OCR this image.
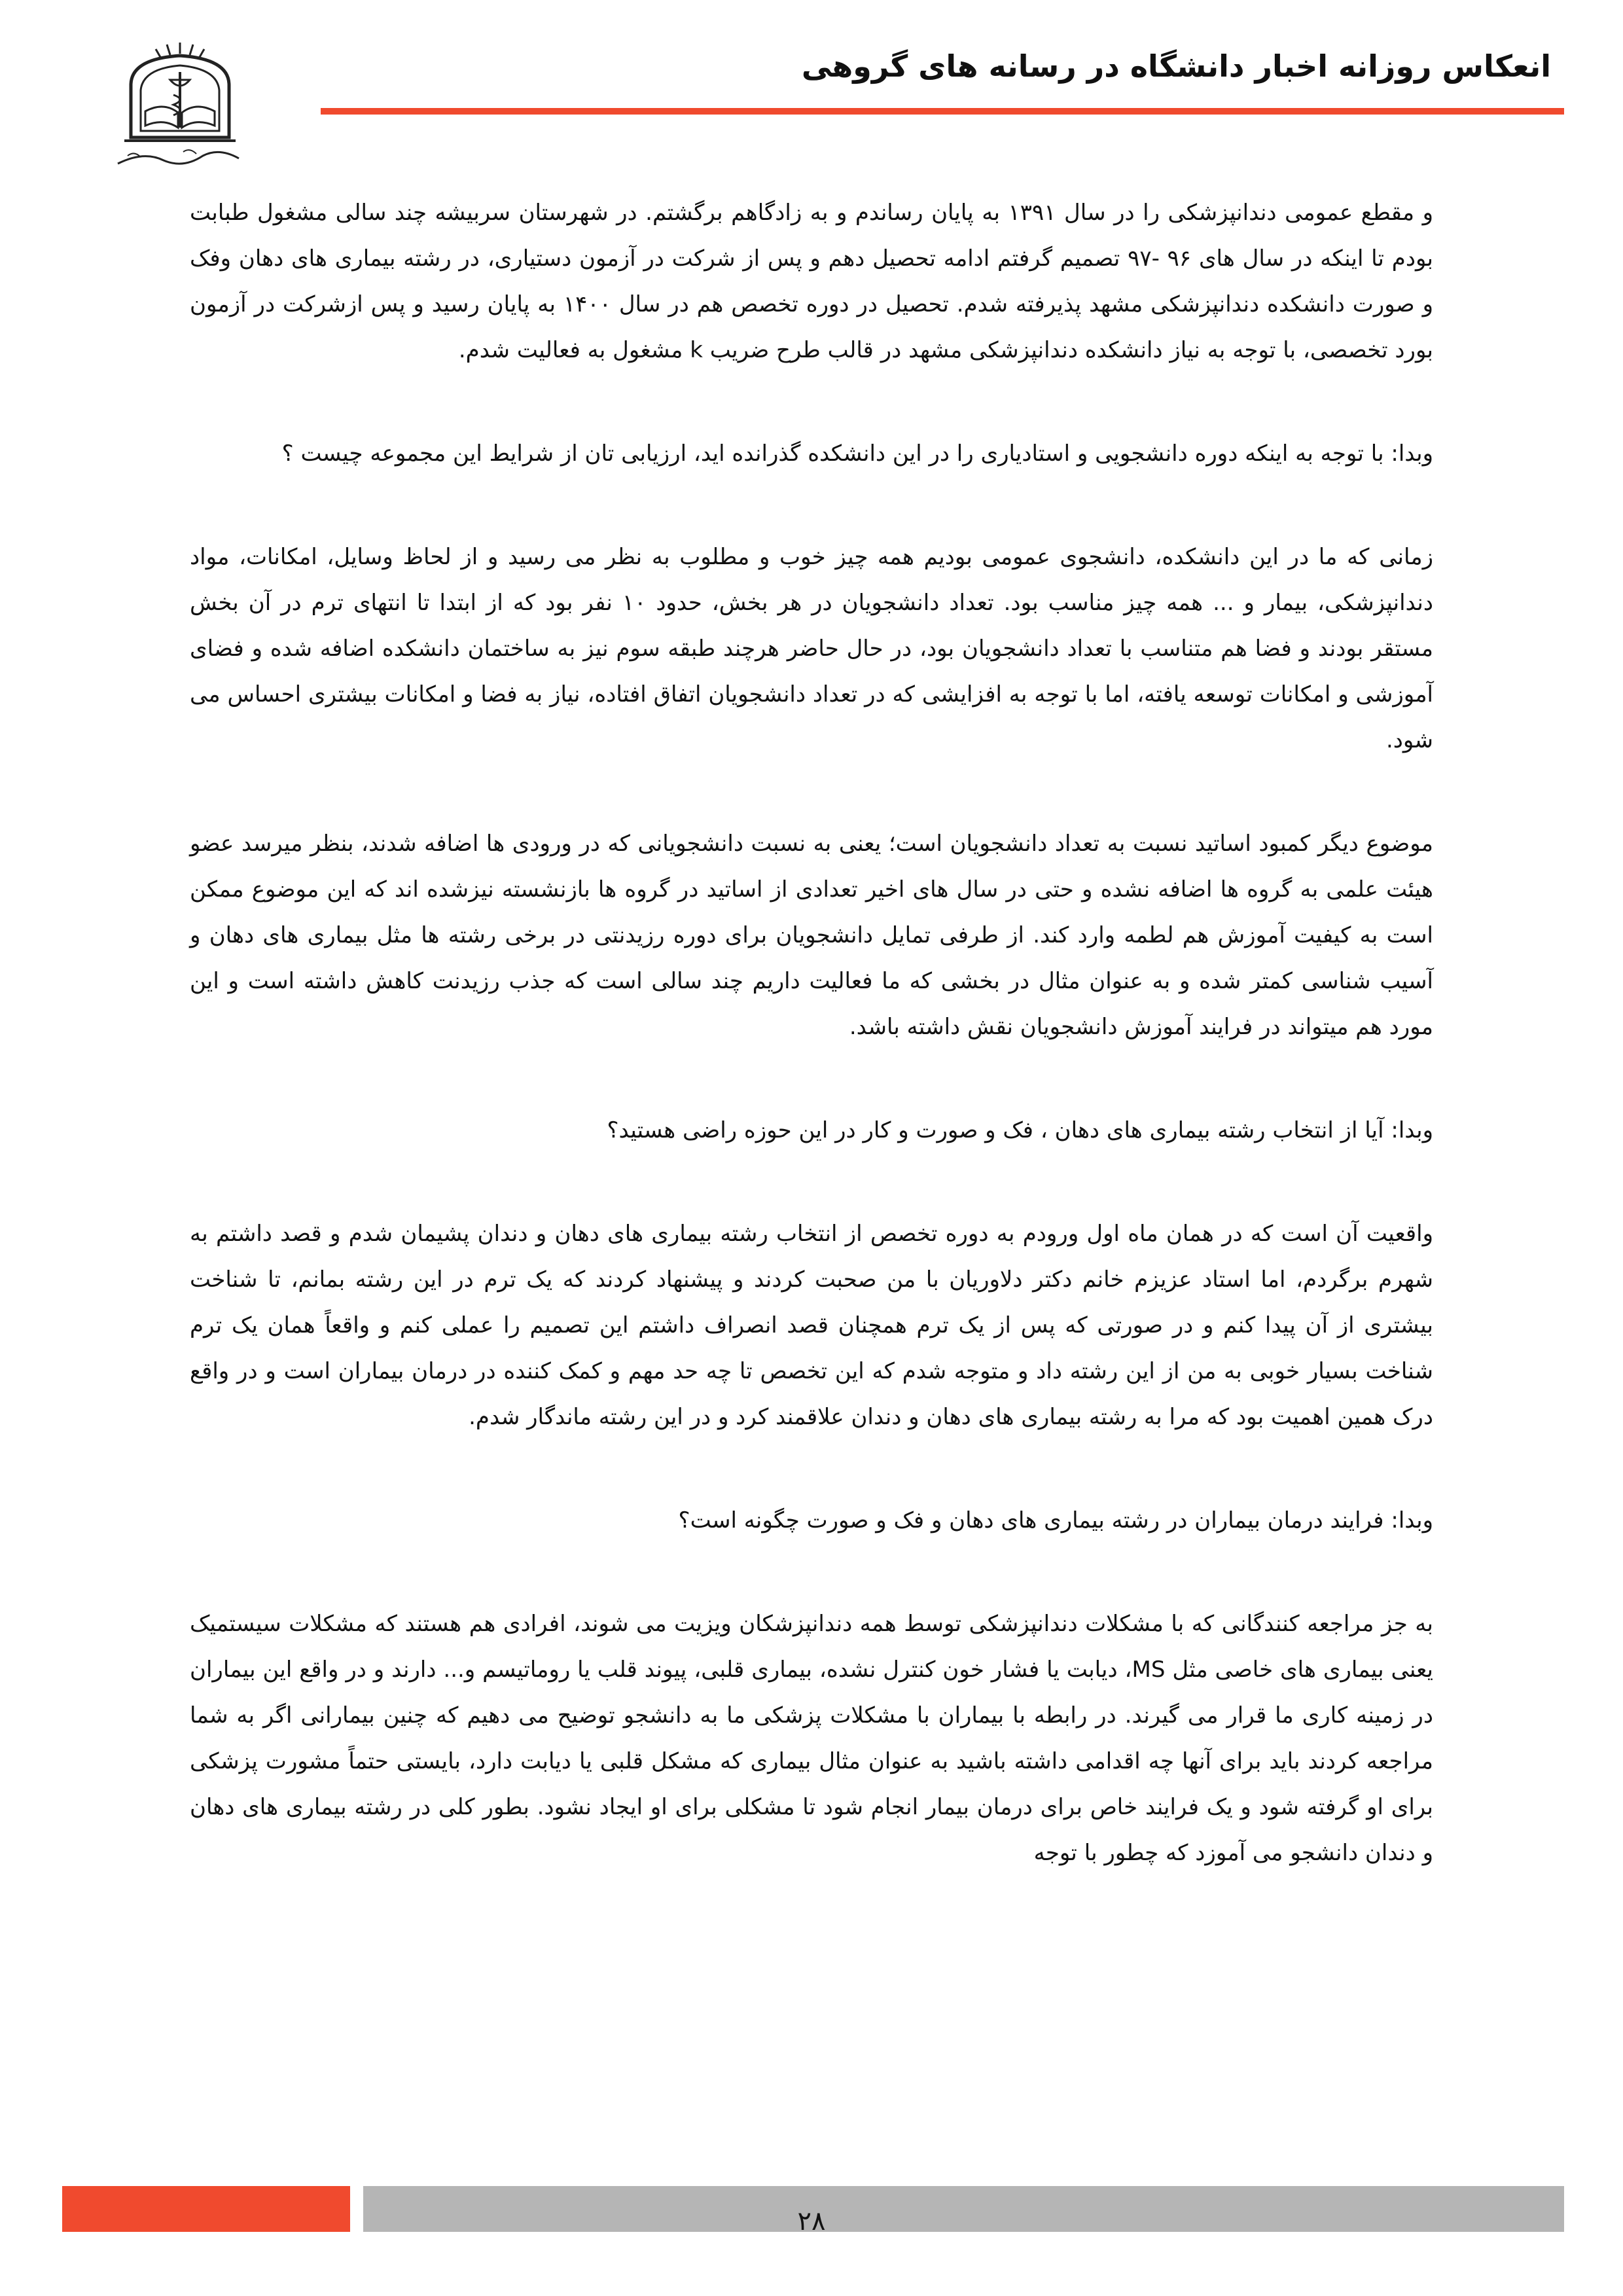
انعکاس روزانه اخبار دانشگاه در رسانه های گروهی

و مقطع عمومی دندانپزشکی را در سال ۱۳۹۱ به پایان رساندم و به زادگاهم برگشتم. در شهرستان سربیشه چند سالی مشغول طبابت بودم تا اینکه در سال های ۹۶ -۹۷ تصمیم گرفتم ادامه تحصیل دهم و پس از شرکت در آزمون دستیاری، در رشته بیماری های دهان وفک و صورت دانشکده دندانپزشکی مشهد پذیرفته شدم. تحصیل در دوره تخصص هم در سال ۱۴۰۰ به پایان رسید و پس ازشرکت در آزمون بورد تخصصی، با توجه به نیاز دانشکده دندانپزشکی مشهد در قالب طرح ضریب k مشغول به فعالیت شدم.

وبدا: با توجه به اینکه دوره دانشجویی و استادیاری را در این دانشکده گذرانده اید، ارزیابی تان از شرایط این مجموعه چیست ؟

زمانی که ما در این دانشکده، دانشجوی عمومی بودیم همه چیز خوب و مطلوب به نظر می رسید و از لحاظ وسایل، امکانات، مواد دندانپزشکی، بیمار و ... همه چیز مناسب بود. تعداد دانشجویان در هر بخش، حدود ۱۰ نفر بود که از ابتدا تا انتهای ترم در آن بخش مستقر بودند و فضا هم متناسب با تعداد دانشجویان بود، در حال حاضر هرچند طبقه سوم نیز به ساختمان دانشکده اضافه شده و فضای آموزشی و امکانات توسعه یافته، اما با توجه به افزایشی که در تعداد دانشجویان اتفاق افتاده، نیاز به فضا و امکانات بیشتری احساس می شود.

موضوع دیگر کمبود اساتید نسبت به تعداد دانشجویان است؛ یعنی به نسبت دانشجویانی که در ورودی ها اضافه شدند، بنظر میرسد عضو هیئت علمی به گروه ها اضافه نشده و حتی در سال های اخیر تعدادی از اساتید در گروه ها بازنشسته نیزشده اند که این موضوع ممکن است به کیفیت آموزش هم لطمه وارد کند. از طرفی تمایل دانشجویان برای دوره رزیدنتی در برخی رشته ها مثل بیماری های دهان و آسیب شناسی کمتر شده و به عنوان مثال در بخشی که ما فعالیت داریم چند سالی است که جذب رزیدنت کاهش داشته است و این مورد هم میتواند در فرایند آموزش دانشجویان نقش داشته باشد.

وبدا: آیا از انتخاب رشته بیماری های دهان ، فک و صورت و کار در این حوزه راضی هستید؟

واقعیت آن است که در همان ماه اول ورودم به دوره تخصص از انتخاب رشته بیماری های دهان و دندان پشیمان شدم و قصد داشتم به شهرم برگردم، اما استاد عزیزم خانم دکتر دلاوریان با من صحبت کردند و پیشنهاد کردند که یک ترم در این رشته بمانم، تا شناخت بیشتری از آن پیدا کنم و در صورتی که پس از یک ترم همچنان قصد انصراف داشتم این تصمیم را عملی کنم و واقعاً همان یک ترم شناخت بسیار خوبی به من از این رشته داد و متوجه شدم که این تخصص تا چه حد مهم و کمک کننده در درمان بیماران است و در واقع درک همین اهمیت بود که مرا به رشته بیماری های دهان و دندان علاقمند کرد و در این رشته ماندگار شدم.

وبدا: فرایند درمان بیماران در رشته بیماری های دهان و فک و صورت چگونه است؟

به جز مراجعه کنندگانی که با مشکلات دندانپزشکی توسط همه دندانپزشکان ویزیت می شوند، افرادی هم هستند که مشکلات سیستمیک یعنی بیماری های خاصی مثل MS، دیابت یا فشار خون کنترل نشده، بیماری قلبی، پیوند قلب یا روماتیسم و... دارند و در واقع این بیماران در زمینه کاری ما قرار می گیرند. در رابطه با بیماران با مشکلات پزشکی ما به دانشجو توضیح می دهیم که چنین بیمارانی اگر به شما مراجعه کردند باید برای آنها چه اقدامی داشته باشید به عنوان مثال بیماری که مشکل قلبی یا دیابت دارد، بایستی حتماً مشورت پزشکی برای او گرفته شود و یک فرایند خاص برای درمان بیمار انجام شود تا مشکلی برای او ایجاد نشود. بطور کلی در رشته بیماری های دهان و دندان دانشجو می آموزد که چطور با توجه

۲۸
